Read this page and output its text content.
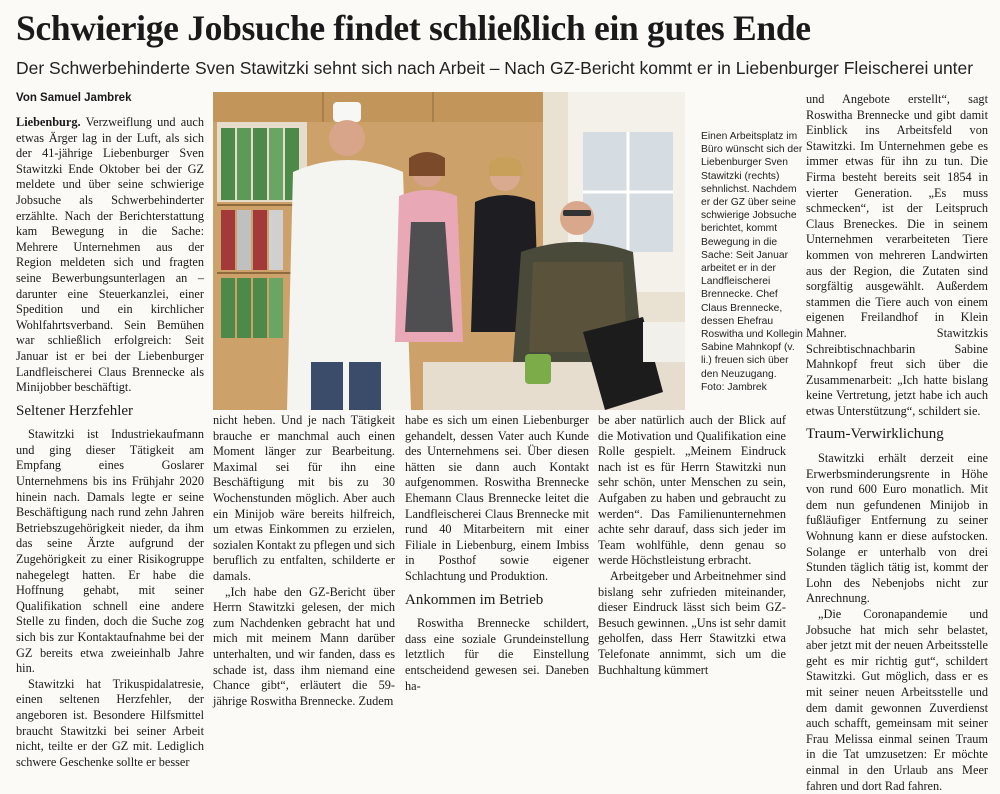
Schwierige Jobsuche findet schließlich ein gutes Ende
Der Schwerbehinderte Sven Stawitzki sehnt sich nach Arbeit – Nach GZ-Bericht kommt er in Liebenburger Fleischerei unter
Von Samuel Jambrek

Liebenburg. Verzweiflung und auch etwas Ärger lag in der Luft, als sich der 41-jährige Liebenburger Sven Stawitzki Ende Oktober bei der GZ meldete und über seine schwierige Jobsuche als Schwerbehinderter erzählte. Nach der Berichterstattung kam Bewegung in die Sache: Mehrere Unternehmen aus der Region meldeten sich und fragten seine Bewerbungsunterlagen an – darunter eine Steuerkanzlei, einer Spedition und ein kirchlicher Wohlfahrtsverband. Sein Bemühen war schließlich erfolgreich: Seit Januar ist er bei der Liebenburger Landfleischerei Claus Brennecke als Minijobber beschäftigt.

Seltener Herzfehler

Stawitzki ist Industriekaufmann und ging dieser Tätigkeit am Empfang eines Goslarer Unternehmens bis ins Frühjahr 2020 hinein nach. Damals legte er seine Beschäftigung nach rund zehn Jahren Betriebszugehörigkeit nieder, da ihm das seine Ärzte aufgrund der Zugehörigkeit zu einer Risikogruppe nahegelegt hatten. Er habe die Hoffnung gehabt, mit seiner Qualifikation schnell eine andere Stelle zu finden, doch die Suche zog sich bis zur Kontaktaufnahme bei der GZ bereits etwa zweieinhalb Jahre hin.

Stawitzki hat Trikuspidalatresie, einen seltenen Herzfehler, der angeboren ist. Besondere Hilfsmittel braucht Stawitzki bei seiner Arbeit nicht, teilte er der GZ mit. Lediglich schwere Geschenke sollte er besser

Einen Arbeitsplatz im Büro wünscht sich der Liebenburger Sven Stawitzki (rechts) sehnlichst. Nachdem er der GZ über seine schwierige Jobsuche berichtet, kommt Bewegung in die Sache: Seit Januar arbeitet er in der Landfleischerei Brennecke. Chef Claus Brennecke, dessen Ehefrau Roswitha und Kollegin Sabine Mahnkopf (v. li.) freuen sich über den Neuzugang.
Foto: Jambrek

nicht heben. Und je nach Tätigkeit brauche er manchmal auch einen Moment länger zur Bearbeitung. Maximal sei für ihn eine Beschäftigung mit bis zu 30 Wochenstunden möglich. Aber auch ein Minijob wäre bereits hilfreich, um etwas Einkommen zu erzielen, sozialen Kontakt zu pflegen und sich beruflich zu entfalten, schilderte er damals.

„Ich habe den GZ-Bericht über Herrn Stawitzki gelesen, der mich zum Nachdenken gebracht hat und mich mit meinem Mann darüber unterhalten, und wir fanden, dass es schade ist, dass ihm niemand eine Chance gibt“, erläutert die 59-jährige Roswitha Brennecke. Zudem

habe es sich um einen Liebenburger gehandelt, dessen Vater auch Kunde des Unternehmens sei. Über diesen hätten sie dann auch Kontakt aufgenommen. Roswitha Brennecke Ehemann Claus Brennecke leitet die Landfleischerei Claus Brennecke mit rund 40 Mitarbeitern mit einer Filiale in Liebenburg, einem Imbiss in Posthof sowie eigener Schlachtung und Produktion.

Ankommen im Betrieb

Roswitha Brennecke schildert, dass eine soziale Grundeinstellung letztlich für die Einstellung entscheidend gewesen sei. Daneben ha-

be aber natürlich auch der Blick auf die Motivation und Qualifikation eine Rolle gespielt. „Meinem Eindruck nach ist es für Herrn Stawitzki nun sehr schön, unter Menschen zu sein, Aufgaben zu haben und gebraucht zu werden“. Das Familienunternehmen achte sehr darauf, dass sich jeder im Team wohlfühle, denn genau so werde Höchstleistung erbracht.

Arbeitgeber und Arbeitnehmer sind bislang sehr zufrieden miteinander, dieser Eindruck lässt sich beim GZ-Besuch gewinnen. „Uns ist sehr damit geholfen, dass Herr Stawitzki etwa Telefonate annimmt, sich um die Buchhaltung kümmert

und Angebote erstellt“, sagt Roswitha Brennecke und gibt damit Einblick ins Arbeitsfeld von Stawitzki. Im Unternehmen gebe es immer etwas für ihn zu tun. Die Firma besteht bereits seit 1854 in vierter Generation. „Es muss schmecken“, ist der Leitspruch Claus Breneckes. Die in seinem Unternehmen verarbeiteten Tiere kommen von mehreren Landwirten aus der Region, die Zutaten sind sorgfältig ausgewählt. Außerdem stammen die Tiere auch von einem eigenen Freilandhof in Klein Mahner. Stawitzkis Schreibtischnachbarin Sabine Mahnkopf freut sich über die Zusammenarbeit: „Ich hatte bislang keine Vertretung, jetzt habe ich auch etwas Unterstützung“, schildert sie.

Traum-Verwirklichung

Stawitzki erhält derzeit eine Erwerbsminderungsrente in Höhe von rund 600 Euro monatlich. Mit dem nun gefundenen Minijob in fußläufiger Entfernung zu seiner Wohnung kann er diese aufstocken. Solange er unterhalb von drei Stunden täglich tätig ist, kommt der Lohn des Nebenjobs nicht zur Anrechnung.

„Die Coronapandemie und Jobsuche hat mich sehr belastet, aber jetzt mit der neuen Arbeitsstelle geht es mir richtig gut“, schildert Stawitzki. Gut möglich, dass er es mit seiner neuen Arbeitsstelle und dem damit gewonnen Zuverdienst auch schafft, gemeinsam mit seiner Frau Melissa einmal seinen Traum in die Tat umzusetzen: Er möchte einmal in den Urlaub ans Meer fahren und dort Rad fahren.
